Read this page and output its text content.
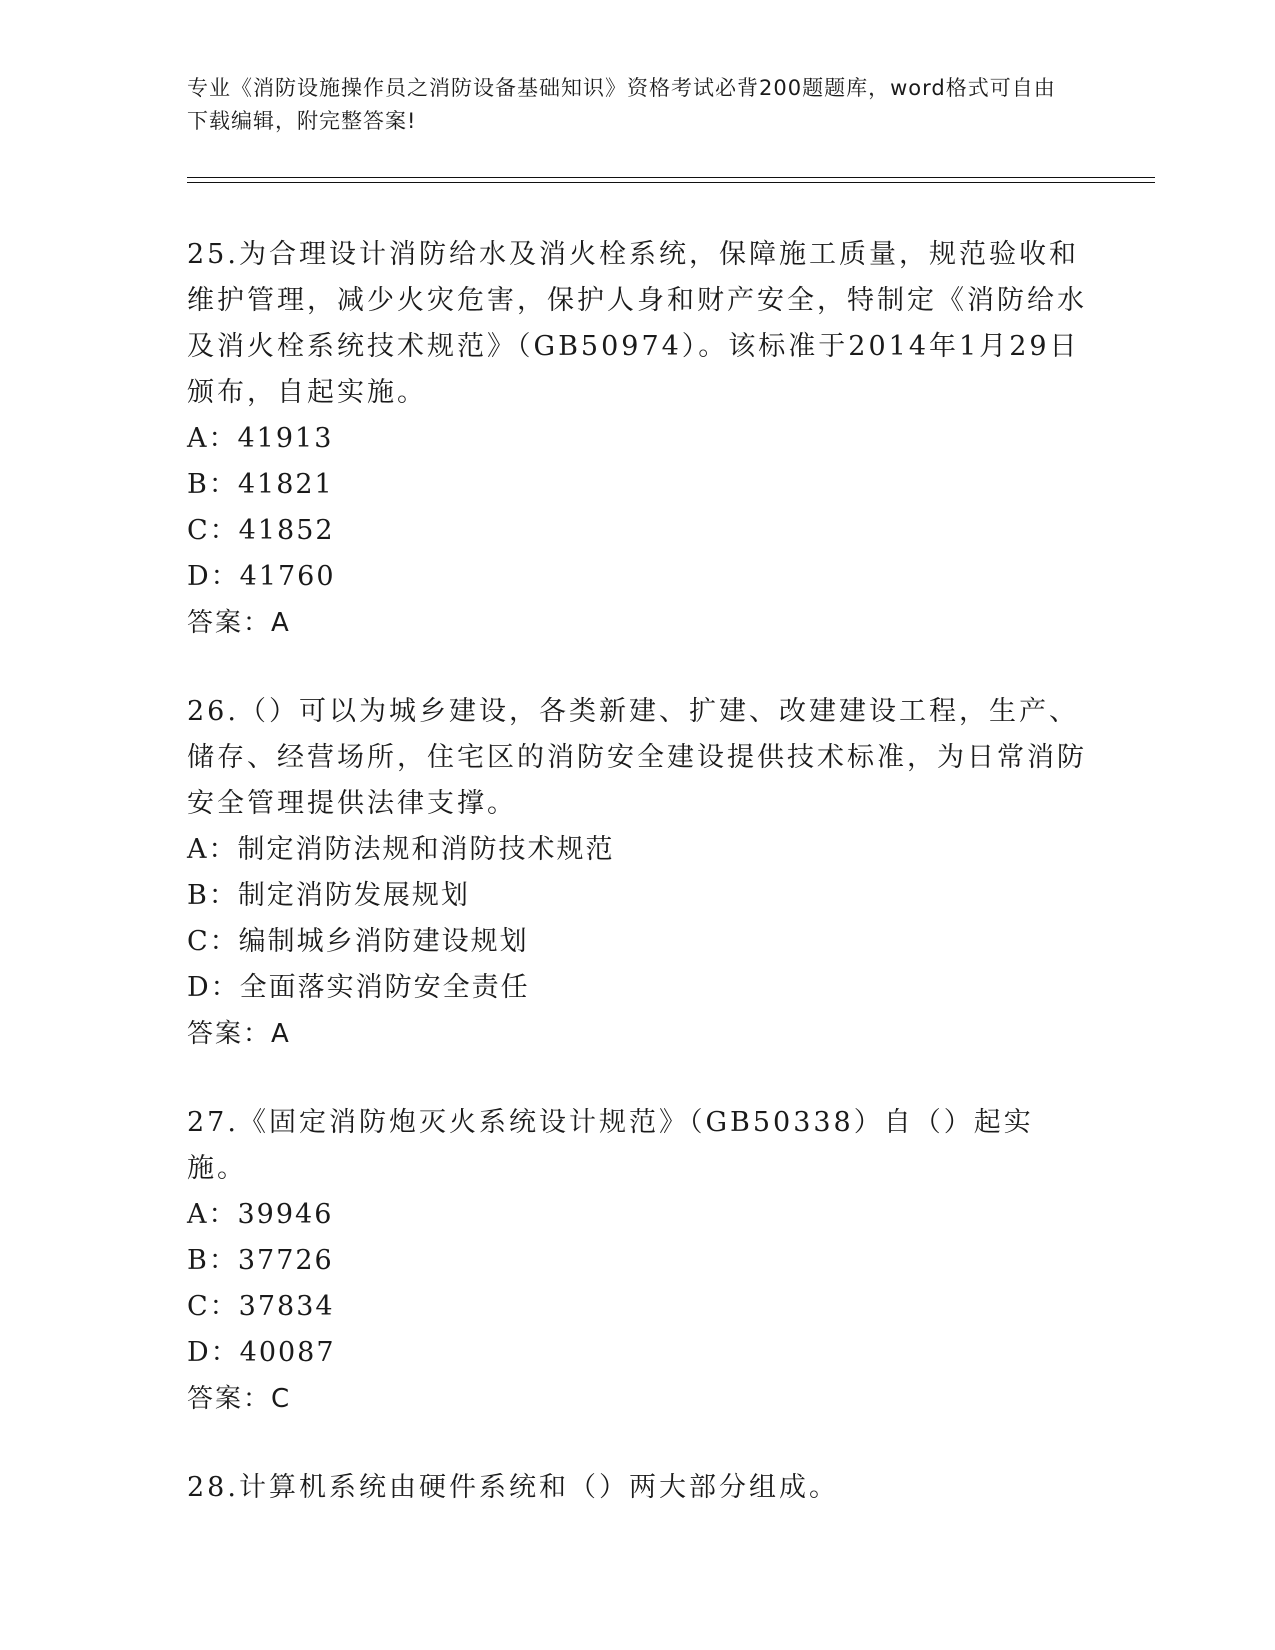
专业《消防设施操作员之消防设备基础知识》资格考试必背200题题库，word格式可自由下载编辑，附完整答案!

25.为合理设计消防给水及消火栓系统，保障施工质量，规范验收和维护管理，减少火灾危害，保护人身和财产安全，特制定《消防给水及消火栓系统技术规范》（GB50974）。该标准于2014年1月29日颁布，自起实施。

A：41913

B：41821

C：41852

D：41760

答案：A

26.（）可以为城乡建设，各类新建、扩建、改建建设工程，生产、储存、经营场所，住宅区的消防安全建设提供技术标准，为日常消防安全管理提供法律支撑。

A：制定消防法规和消防技术规范

B：制定消防发展规划

C：编制城乡消防建设规划

D：全面落实消防安全责任

答案：A

27.《固定消防炮灭火系统设计规范》（GB50338）自（）起实施。

A：39946

B：37726

C：37834

D：40087

答案：C

28.计算机系统由硬件系统和（）两大部分组成。
